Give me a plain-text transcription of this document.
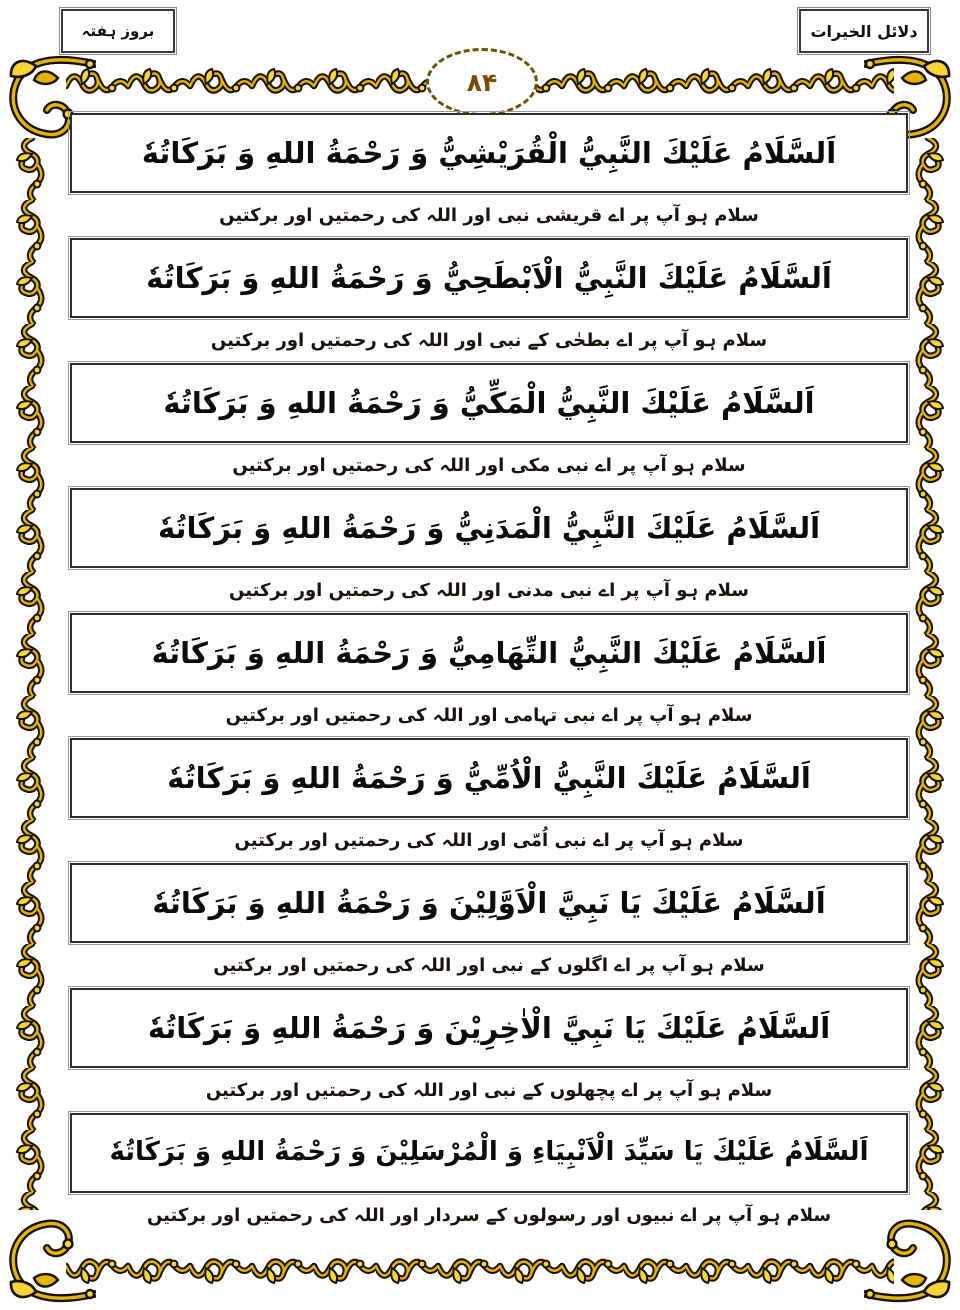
بروز ہفتہ	دلائل الخیرات
۸۴
اَلسَّلَامُ عَلَيْكَ النَّبِيُّ الْقُرَيْشِيُّ وَ رَحْمَةُ اللهِ وَ بَرَكَاتُهٗ
سلام ہو آپ پر اے قریشی نبی اور اللہ کی رحمتیں اور برکتیں
اَلسَّلَامُ عَلَيْكَ النَّبِيُّ الْاَبْطَحِيُّ وَ رَحْمَةُ اللهِ وَ بَرَكَاتُهٗ
سلام ہو آپ پر اے بطحٰی کے نبی اور اللہ کی رحمتیں اور برکتیں
اَلسَّلَامُ عَلَيْكَ النَّبِيُّ الْمَكِّيُّ وَ رَحْمَةُ اللهِ وَ بَرَكَاتُهٗ
سلام ہو آپ پر اے نبی مکی اور اللہ کی رحمتیں اور برکتیں
اَلسَّلَامُ عَلَيْكَ النَّبِيُّ الْمَدَنِيُّ وَ رَحْمَةُ اللهِ وَ بَرَكَاتُهٗ
سلام ہو آپ پر اے نبی مدنی اور اللہ کی رحمتیں اور برکتیں
اَلسَّلَامُ عَلَيْكَ النَّبِيُّ التِّهَامِيُّ وَ رَحْمَةُ اللهِ وَ بَرَكَاتُهٗ
سلام ہو آپ پر اے نبی تہامی اور اللہ کی رحمتیں اور برکتیں
اَلسَّلَامُ عَلَيْكَ النَّبِيُّ الْاُمِّيُّ وَ رَحْمَةُ اللهِ وَ بَرَكَاتُهٗ
سلام ہو آپ پر اے نبی اُمّی اور اللہ کی رحمتیں اور برکتیں
اَلسَّلَامُ عَلَيْكَ يَا نَبِيَّ الْاَوَّلِيْنَ وَ رَحْمَةُ اللهِ وَ بَرَكَاتُهٗ
سلام ہو آپ پر اے اگلوں کے نبی اور اللہ کی رحمتیں اور برکتیں
اَلسَّلَامُ عَلَيْكَ يَا نَبِيَّ الْاٰخِرِيْنَ وَ رَحْمَةُ اللهِ وَ بَرَكَاتُهٗ
سلام ہو آپ پر اے پچھلوں کے نبی اور اللہ کی رحمتیں اور برکتیں
اَلسَّلَامُ عَلَيْكَ يَا سَيِّدَ الْاَنْبِيَاءِ وَ الْمُرْسَلِيْنَ وَ رَحْمَةُ اللهِ وَ بَرَكَاتُهٗ
سلام ہو آپ پر اے نبیوں اور رسولوں کے سردار اور اللہ کی رحمتیں اور برکتیں
